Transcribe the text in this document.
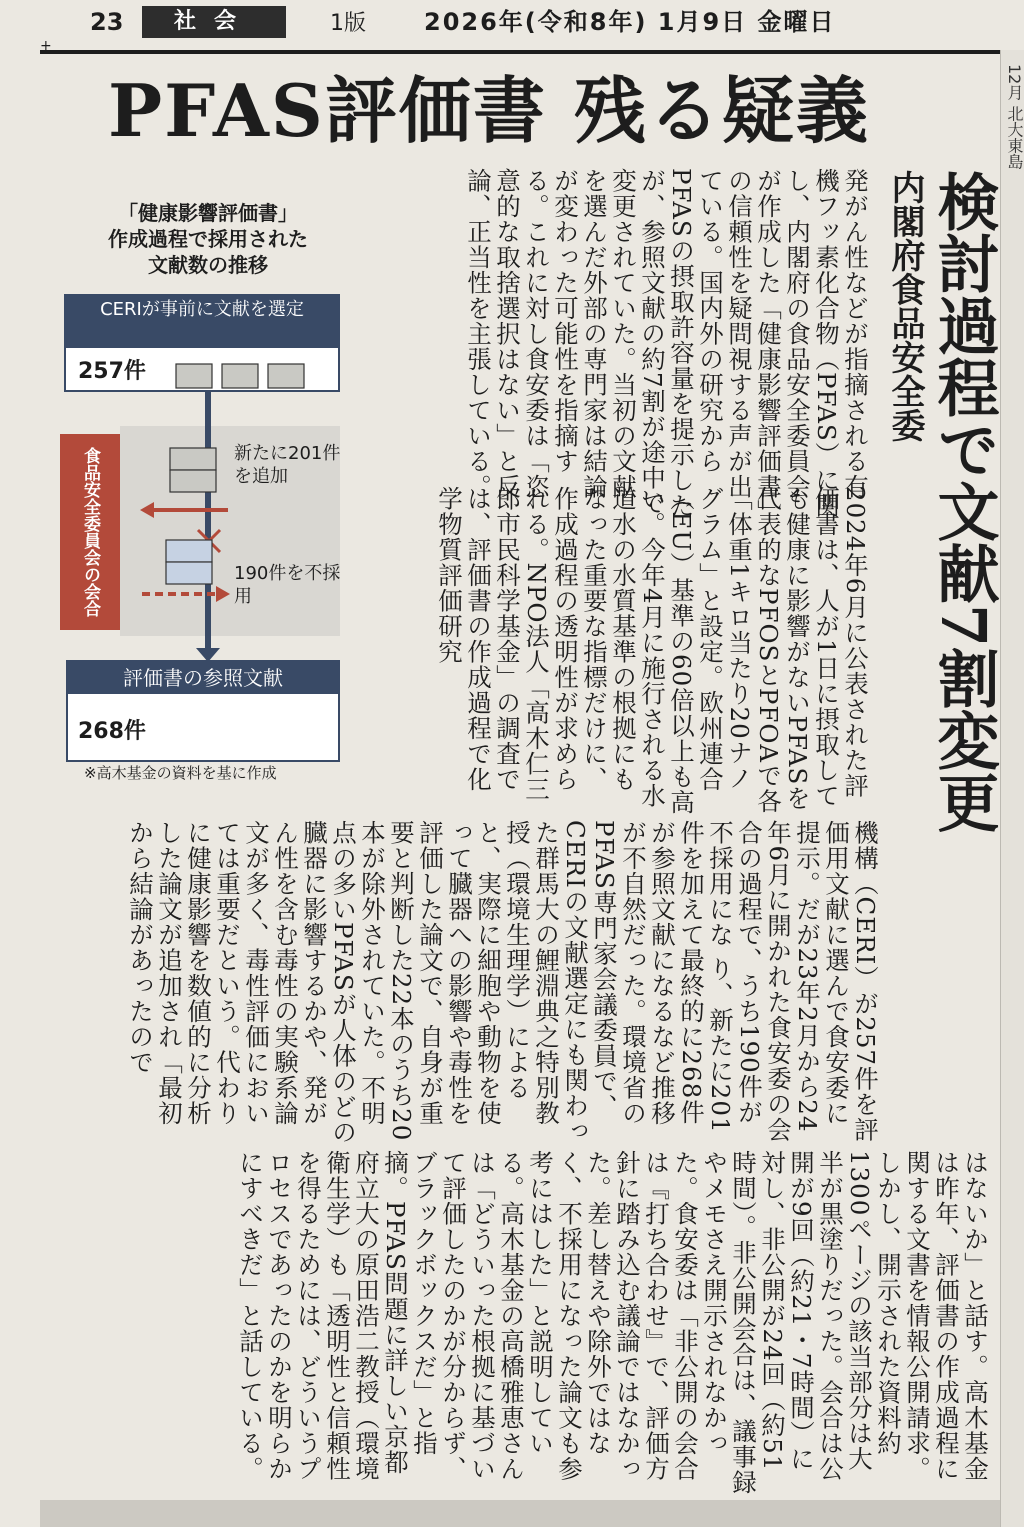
+
23	社会	1版 2026年(令和8年) 1月9日 金曜日
PFAS評価書 残る疑義
内閣府食品安全委 検討過程で文献7割変更
発がん性などが指摘される有機フッ素化合物（PFAS）に関し、内閣府の食品安全委員会が作成した「健康影響評価書」の信頼性を疑問視する声が出ている。国内外の研究からPFASの摂取許容量を提示したが、参照文献の約7割が途中で変更されていた。当初の文献を選んだ外部の専門家は結論が変わった可能性を指摘する。これに対し食安委は「恣意的な取捨選択はない」と反論、正当性を主張している。
2024年6月に公表された評価書は、人が1日に摂取しても健康に影響がないPFASを代表的なPFOSとPFOAで各「体重1キロ当たり20ナノグラム」と設定。欧州連合（EU）基準の60倍以上も高い。今年4月に施行される水道水の水質基準の根拠にもなった重要な指標だけに、作成過程の透明性が求められる。NPO法人「高木仁三郎市民科学基金」の調査では、評価書の作成過程で化学物質評価研究
機構（CERI）が257件を評価用文献に選んで食安委に提示。だが23年2月から24年6月に開かれた食安委の会合の過程で、うち190件が不採用にな り、新たに201件を加えて最終的に268件が参照文献になるなど推移が不自然だった。環境省のPFAS専門家会議委員で、CERIの文献選定にも関わった群馬大の鯉淵典之特別教授（環境生理学）によると、実際に細胞や動物を使って臓器への影響や毒性を評価した論文で、自身が重要と判断した22本のうち20本が除外されていた。不明点の多いPFASが人体のどの臓器に影響するかや、発がん性を含む毒性の実験系論文が多く、毒性評価においては重要だという。代わりに健康影響を数値的に分析した論文が追加され「最初から結論があったので
はないか」と話す。高木基金は昨年、評価書の作成過程に関する文書を情報公開請求。しかし、開示された資料約1300ページの該当部分は大半が黒塗りだった。会合は公開が9回（約21・7時間）に対し、非公開が24回（約51時間）。非公開会合は、議事録やメモさえ開示されなかった。食安委は「非公開の会合は『打ち合わせ』で、評価方針に踏み込む議論ではなかった。差し替えや除外ではなく、不採用になった論文も参考にはした」と説明している。高木基金の高橋雅恵さんは「どういった根拠に基づいて評価したのかが分からず、ブラックボックスだ」と指摘。PFAS問題に詳しい京都府立大の原田浩二教授（環境衛生学）も「透明性と信頼性を得るためには、どういうプロセスであったのかを明らかにすべきだ」と話している。
「健康影響評価書」
作成過程で採用された
文献数の推移
CERIが事前に文献を選定
257件
食品安全委員会の会合	新たに201件を追加
190件を不採用
評価書の参照文献
268件
※高木基金の資料を基に作成
12月 北大東島
